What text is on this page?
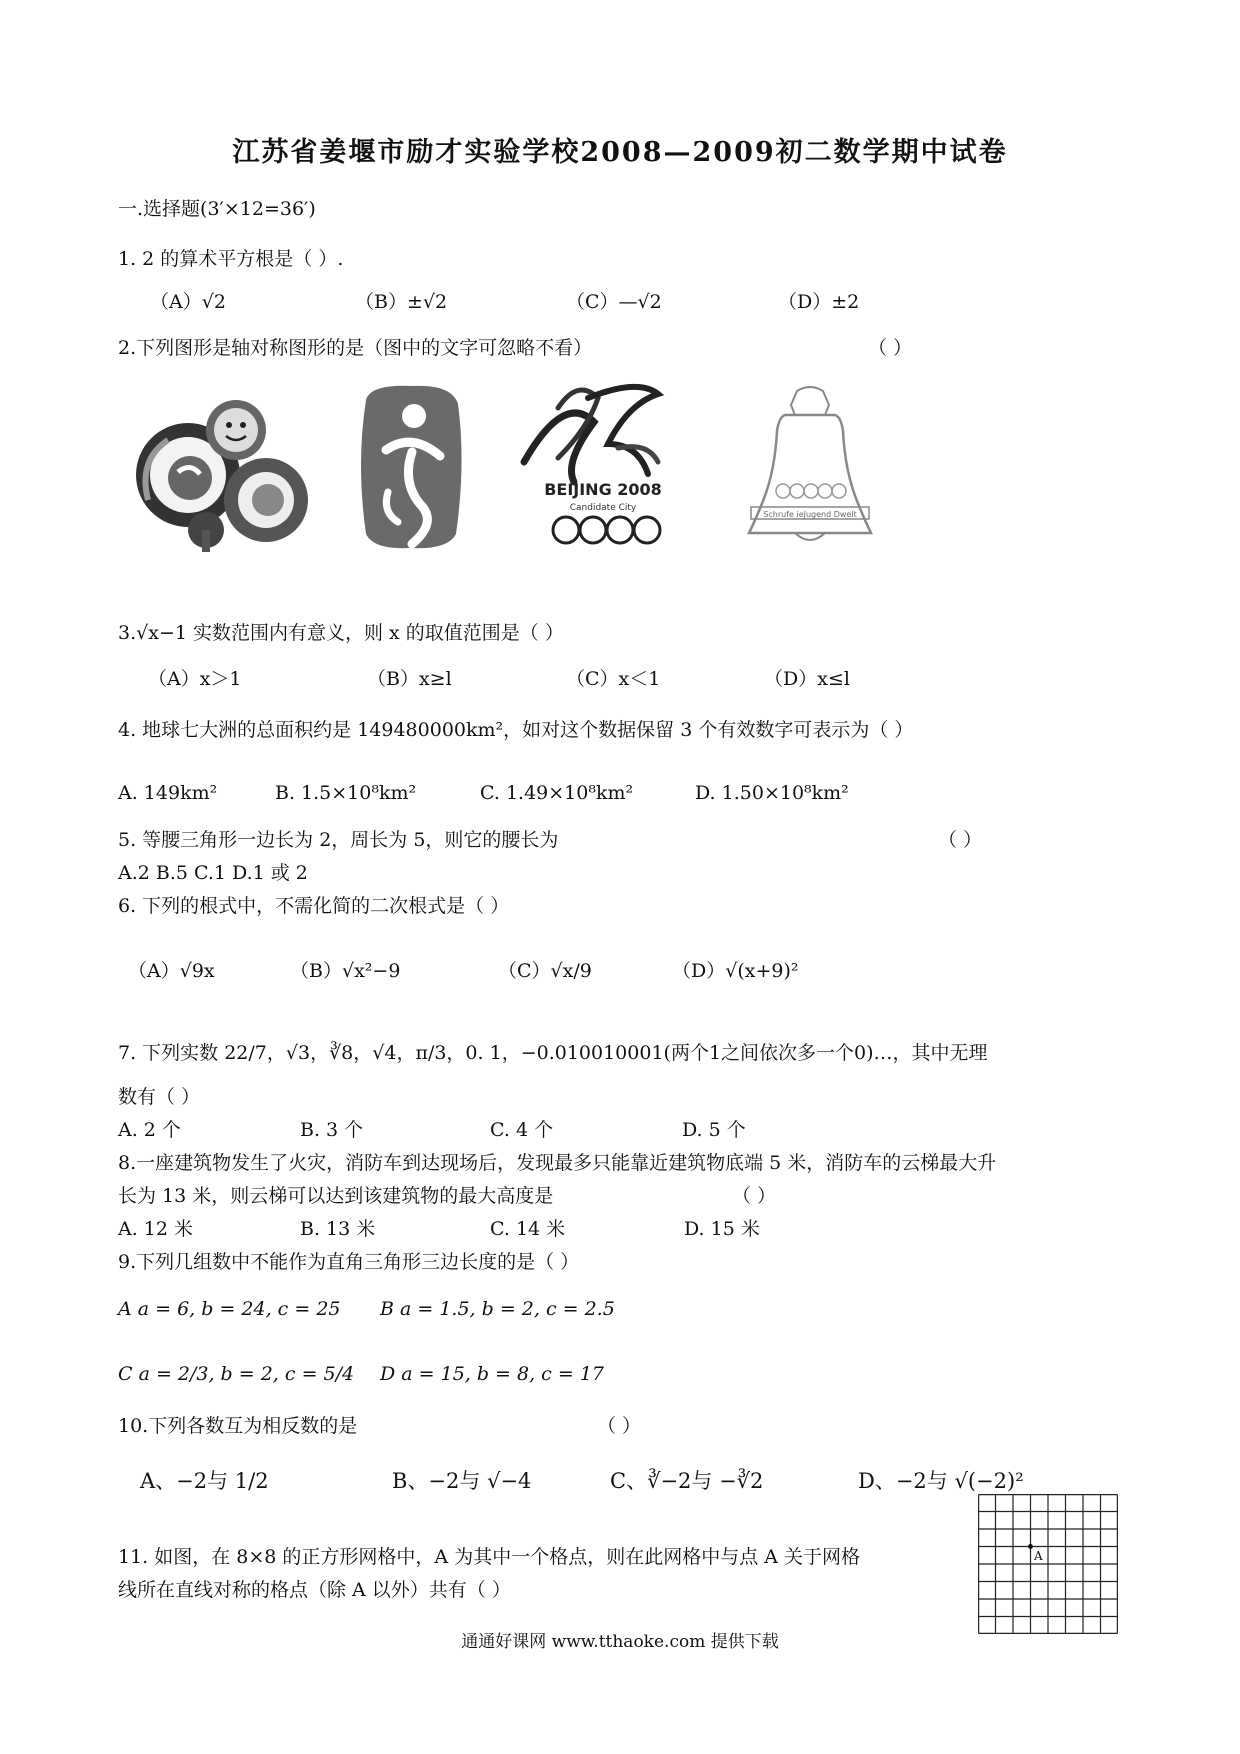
江苏省姜堰市励才实验学校2008—2009初二数学期中试卷
一.选择题(3′×12=36′)
1. 2 的算术平方根是（ ）.
（A）√2	（B）±√2	（C）—√2	（D）±2
2.下列图形是轴对称图形的是（图中的文字可忽略不看）	（ ）
BEIJING 2008
Candidate City
Schrufe ieJugend Dwelt
3.√x−1 实数范围内有意义，则 x 的取值范围是（ ）
（A）x＞1	（B）x≥l	（C）x＜1	（D）x≤l
4. 地球七大洲的总面积约是 149480000km²，如对这个数据保留 3 个有效数字可表示为（ ）
A. 149km²	B. 1.5×10⁸km²	C. 1.49×10⁸km²	D. 1.50×10⁸km²
5. 等腰三角形一边长为 2，周长为 5，则它的腰长为	（ ）
A.2 B.5 C.1 D.1 或 2
6. 下列的根式中，不需化简的二次根式是（ ）
（A）√9x	（B）√x²−9	（C）√x/9	（D）√(x+9)²
7. 下列实数 22/7，√3，∛8，√4，π/3，0. 1，−0.010010001(两个1之间依次多一个0)…，其中无理
数有（ ）
A. 2 个	B. 3 个	C. 4 个	D. 5 个
8.一座建筑物发生了火灾，消防车到达现场后，发现最多只能靠近建筑物底端 5 米，消防车的云梯最大升
长为 13 米，则云梯可以达到该建筑物的最大高度是	（ ）
A. 12 米	B. 13 米	C. 14 米	D. 15 米
9.下列几组数中不能作为直角三角形三边长度的是（ ）
A a = 6, b = 24, c = 25 B a = 1.5, b = 2, c = 2.5
C a = 2/3, b = 2, c = 5/4 D a = 15, b = 8, c = 17
10.下列各数互为相反数的是	（ ）
A、−2与 1/2	B、−2与 √−4	C、∛−2与 −∛2	D、−2与 √(−2)²
11. 如图，在 8×8 的正方形网格中，A 为其中一个格点，则在此网格中与点 A 关于网格
线所在直线对称的格点（除 A 以外）共有（ ）
A
通通好课网 www.tthaoke.com 提供下载
